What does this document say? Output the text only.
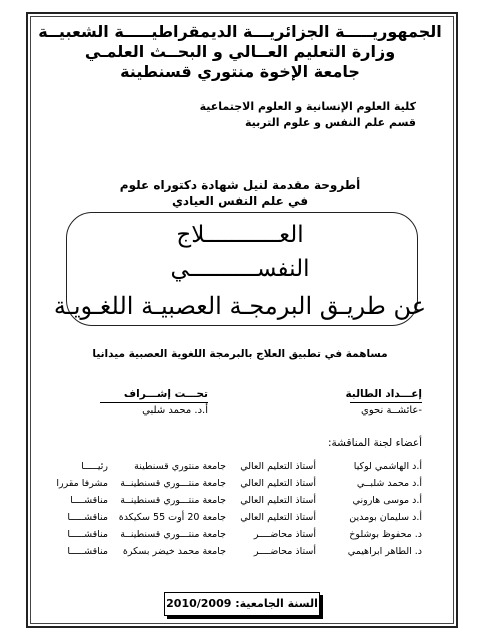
الجمهوريـــــة الجزائريـــة الديمقراطيـــــة الشعبيــة
وزارة التعليم العــالي و البحــث العلمـي
جامعة الإخوة منتوري قسنطينة
كلية العلوم الإنسانية و العلوم الاجتماعية
قسم علم النفس و علوم التربية
أطروحة مقدمة لنيل شهادة دكتوراه علوم
في علم النفس العيادي
العـــــــــــلاج
النفســــــــــي
عن طريـق البرمجـة العصبيـة اللغـويـة
مساهمة في تطبيق العلاج بالبرمجة اللغوية العصبية ميدانيا
إعـــداد الطالبة
-عائشــة نحوي
تحـــت إشـــراف
أ.د. محمد شلبي
أعضاء لجنة المناقشة:
أ.د الهاشمي لوكيا
أستاذ التعليم العالي
جامعة منتوري قسنطينة
رئيـــــا
أ.د محمد شلبــي
أستاذ التعليم العالي
جامعة منتـــوري قسنطينــة
مشرفا مقررا
أ.د موسى هاروني
أستاذ التعليم العالي
جامعة منتـــوري قسنطينــة
مناقشــــا
أ.د سليمان بومدين
أستاذ التعليم العالي
جامعة 20 أوت 55 سكيكدة
مناقشـــــا
د. محفوظ بوشلوخ
أستاذ محاضــــر
جامعة منتـــوري قسنطينــة
مناقشـــــا
د. الطاهر ابراهيمي
أستاذ محاضــــر
جامعة محمد خيضر بسكرة
مناقشـــــا
السنة الجامعية: 2010/2009
